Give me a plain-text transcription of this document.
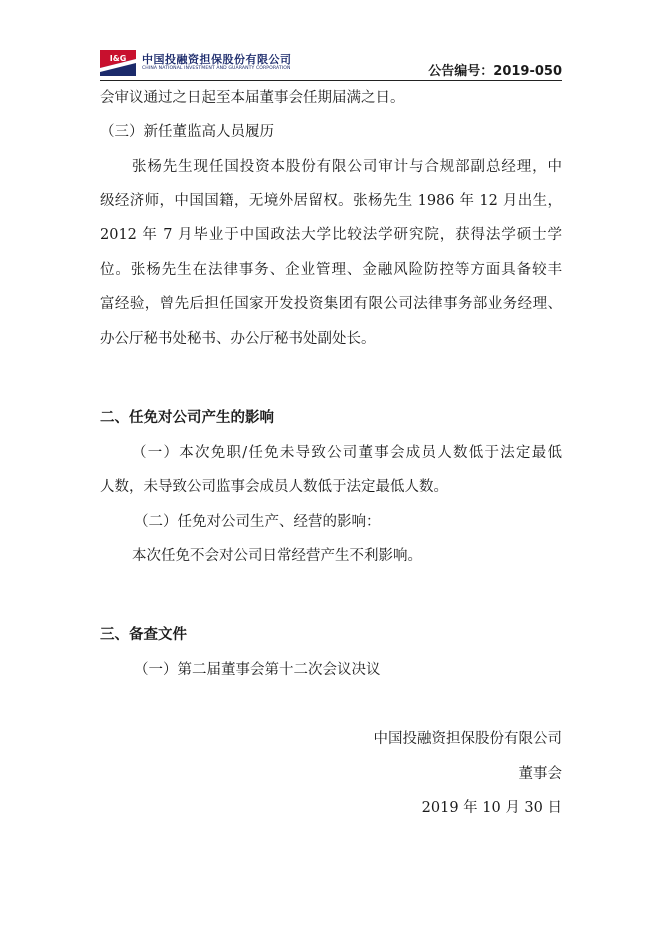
I&G 中国投融资担保股份有限公司
CHINA NATIONAL INVESTMENT AND GUARANTY CORPORATION	公告编号：2019-050
会审议通过之日起至本届董事会任期届满之日。
（三）新任董监高人员履历
张杨先生现任国投资本股份有限公司审计与合规部副总经理，中
级经济师，中国国籍，无境外居留权。张杨先生 1986 年 12 月出生，
2012 年 7 月毕业于中国政法大学比较法学研究院，获得法学硕士学
位。张杨先生在法律事务、企业管理、金融风险防控等方面具备较丰
富经验，曾先后担任国家开发投资集团有限公司法律事务部业务经理、
办公厅秘书处秘书、办公厅秘书处副处长。
二、任免对公司产生的影响
（一）本次免职/任免未导致公司董事会成员人数低于法定最低
人数，未导致公司监事会成员人数低于法定最低人数。
（二）任免对公司生产、经营的影响：
本次任免不会对公司日常经营产生不利影响。
三、备查文件
（一）第二届董事会第十二次会议决议
中国投融资担保股份有限公司
董事会
2019 年 10 月 30 日
